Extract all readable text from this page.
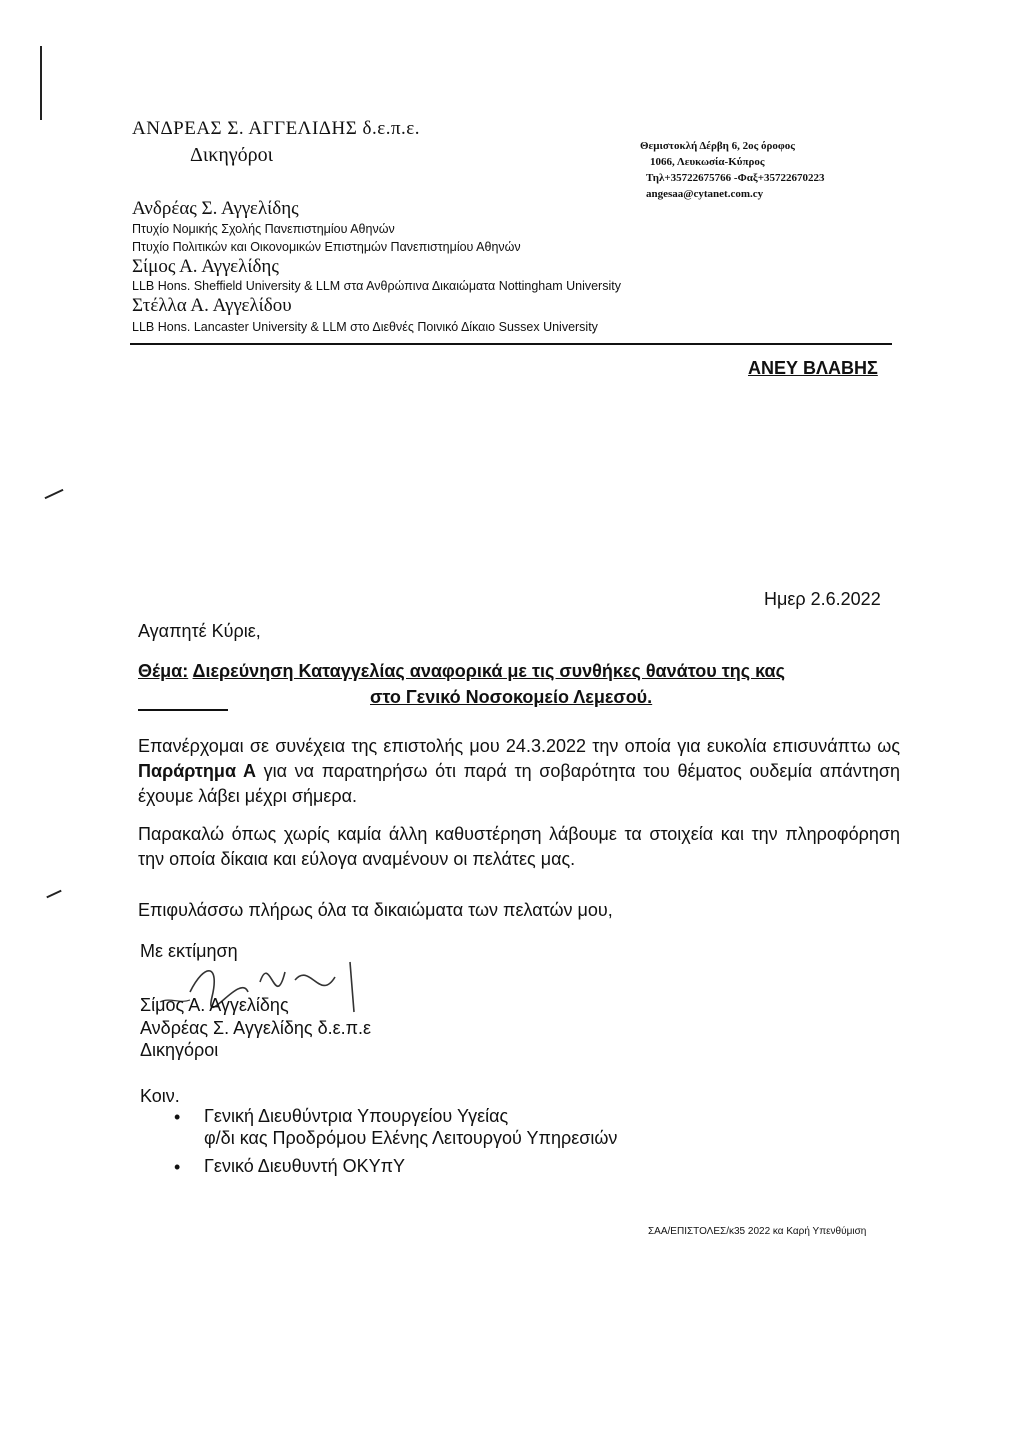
ΑΝΔΡΕΑΣ Σ. ΑΓΓΕΛΙΔΗΣ δ.ε.π.ε.
Δικηγόροι	Θεμιστοκλή Δέρβη 6, 2ος όροφος
1066, Λευκωσία-Κύπρος
Τηλ+35722675766 -Φαξ+35722670223
angesaa@cytanet.com.cy
Ανδρέας Σ. Αγγελίδης
Πτυχίο Νομικής Σχολής Πανεπιστημίου Αθηνών
Πτυχίο Πολιτικών και Οικονομικών Επιστημών Πανεπιστημίου Αθηνών
Σίμος Α. Αγγελίδης
LLB Hons. Sheffield University & LLM στα Ανθρώπινα Δικαιώματα Nottingham University
Στέλλα Α. Αγγελίδου
LLB Hons. Lancaster University & LLM στο Διεθνές Ποινικό Δίκαιο Sussex University
ΑΝΕΥ ΒΛΑΒΗΣ
Ημερ 2.6.2022
Αγαπητέ Κύριε,
Θέμα: Διερεύνηση Καταγγελίας αναφορικά με τις συνθήκες θανάτου της κας
στο Γενικό Νοσοκομείο Λεμεσού.
Επανέρχομαι σε συνέχεια της επιστολής μου 24.3.2022 την οποία για ευκολία επισυνάπτω ως Παράρτημα Α για να παρατηρήσω ότι παρά τη σοβαρότητα του θέματος ουδεμία απάντηση έχουμε λάβει μέχρι σήμερα.
Παρακαλώ όπως χωρίς καμία άλλη καθυστέρηση λάβουμε τα στοιχεία και την πληροφόρηση την οποία δίκαια και εύλογα αναμένουν οι πελάτες μας.
Επιφυλάσσω πλήρως όλα τα δικαιώματα των πελατών μου,
Με εκτίμηση
Σίμος Α. Αγγελίδης
Ανδρέας Σ. Αγγελίδης δ.ε.π.ε
Δικηγόροι
Κοιν.
• Γενική Διευθύντρια Υπουργείου Υγείας
φ/δι κας Προδρόμου Ελένης Λειτουργού Υπηρεσιών
• Γενικό Διευθυντή ΟΚΥπΥ
ΣΑΑ/ΕΠΙΣΤΟΛΕΣ/κ35 2022 κα Καρή Υπενθύμιση
